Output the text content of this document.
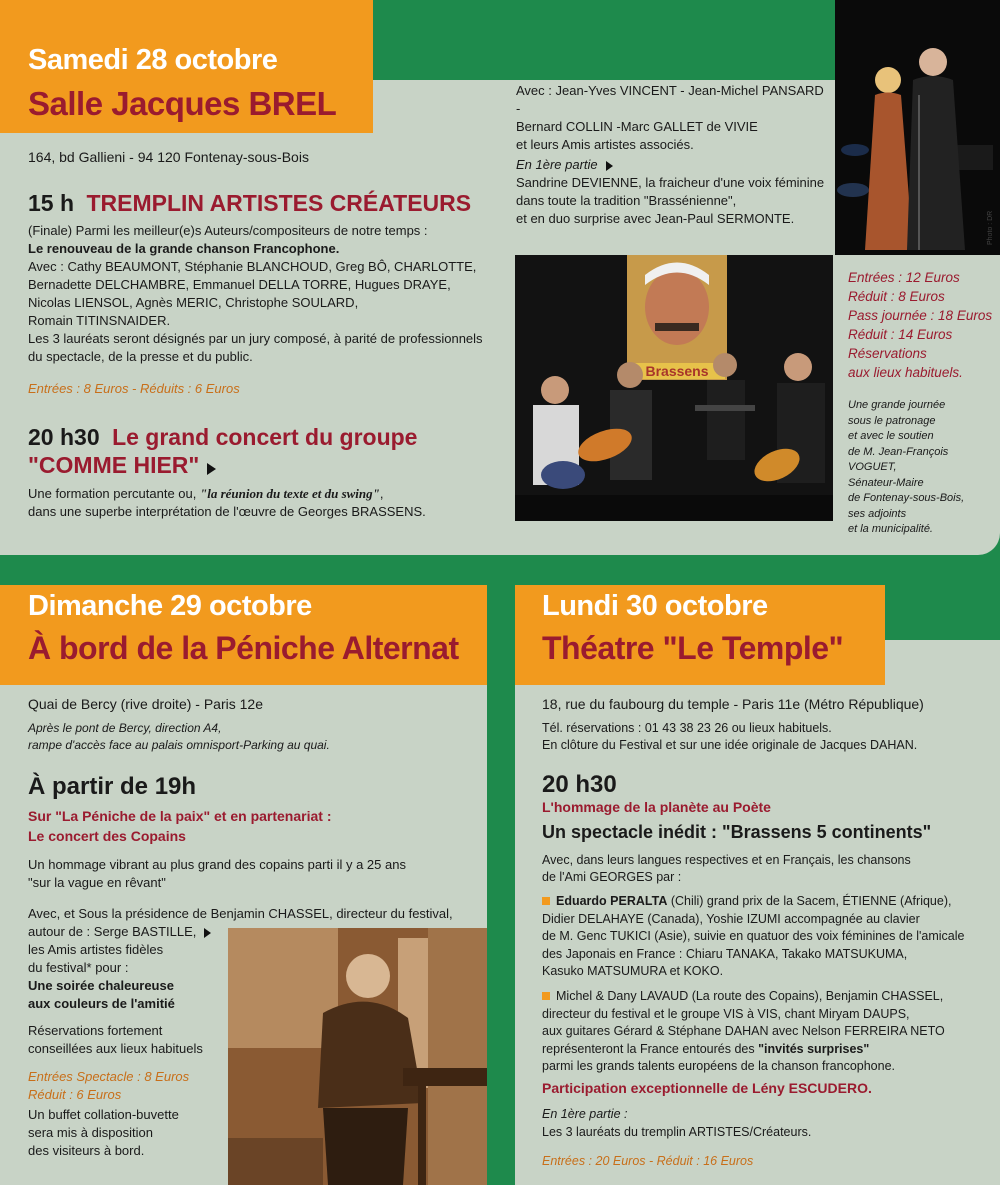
Samedi 28 octobre
Salle Jacques BREL
164, bd Gallieni - 94 120 Fontenay-sous-Bois
15 h TREMPLIN ARTISTES CRÉATEURS

(Finale) Parmi les meilleur(e)s Auteurs/compositeurs de notre temps :

Le renouveau de la grande chanson Francophone.

Avec : Cathy BEAUMONT, Stéphanie BLANCHOUD, Greg BÔ, CHARLOTTE,

Bernadette DELCHAMBRE, Emmanuel DELLA TORRE, Hugues DRAYE,

Nicolas LIENSOL, Agnès MERIC, Christophe SOULARD,

Romain TITINSNAIDER.

Les 3 lauréats seront désignés par un jury composé, à parité de professionnels

du spectacle, de la presse et du public.

Entrées : 8 Euros - Réduits : 6 Euros
20 h30 Le grand concert du groupe
"COMME HIER"

Une formation percutante ou, "la réunion du texte et du swing",

dans une superbe interprétation de l'œuvre de Georges BRASSENS.

Avec : Jean-Yves VINCENT - Jean-Michel PANSARD -

Bernard COLLIN -Marc GALLET de VIVIE

et leurs Amis artistes associés.

En 1ère partie

Sandrine DEVIENNE, la fraicheur d'une voix féminine

dans toute la tradition "Brassénienne",

et en duo surprise avec Jean-Paul SERMONTE.	Photo : DR
Brassens

Entrées : 12 Euros

Réduit : 8 Euros

Pass journée : 18 Euros

Réduit : 14 Euros

Réservations

aux lieux habituels.

Une grande journée

sous le patronage

et avec le soutien

de M. Jean-François VOGUET,

Sénateur-Maire

de Fontenay-sous-Bois,

ses adjoints

et la municipalité.

Dimanche 29 octobre
À bord de la Péniche Alternat
Quai de Bercy (rive droite) - Paris 12e

Après le pont de Bercy, direction A4,

rampe d'accès face au palais omnisport-Parking au quai.

À partir de 19h

Sur "La Péniche de la paix" et en partenariat :

Le concert des Copains

Un hommage vibrant au plus grand des copains parti il y a 25 ans

"sur la vague en rêvant"

Avec, et Sous la présidence de Benjamin CHASSEL, directeur du festival,

autour de : Serge BASTILLE,

les Amis artistes fidèles

du festival* pour :

Une soirée chaleureuse

aux couleurs de l'amitié

Réservations fortement

conseillées aux lieux habituels

Entrées Spectacle : 8 Euros

Réduit : 6 Euros

Un buffet collation-buvette

sera mis à disposition

des visiteurs à bord.

Lundi 30 octobre
Théatre "Le Temple"
18, rue du faubourg du temple - Paris 11e (Métro République)

Tél. réservations : 01 43 38 23 26 ou lieux habituels.

En clôture du Festival et sur une idée originale de Jacques DAHAN.

20 h30
L'hommage de la planète au Poète
Un spectacle inédit : "Brassens 5 continents"

Avec, dans leurs langues respectives et en Français, les chansons

de l'Ami GEORGES par :

Eduardo PERALTA (Chili) grand prix de la Sacem, ÉTIENNE (Afrique),

Didier DELAHAYE (Canada), Yoshie IZUMI accompagnée au clavier

de M. Genc TUKICI (Asie), suivie en quatuor des voix féminines de l'amicale

des Japonais en France : Chiaru TANAKA, Takako MATSUKUMA,

Kasuko MATSUMURA et KOKO.

Michel & Dany LAVAUD (La route des Copains), Benjamin CHASSEL,

directeur du festival et le groupe VIS à VIS, chant Miryam DAUPS,

aux guitares Gérard & Stéphane DAHAN avec Nelson FERREIRA NETO

représenteront la France entourés des "invités surprises"

parmi les grands talents européens de la chanson francophone.

Participation exceptionnelle de Lény ESCUDERO.

En 1ère partie :

Les 3 lauréats du tremplin ARTISTES/Créateurs.

Entrées : 20 Euros - Réduit : 16 Euros
